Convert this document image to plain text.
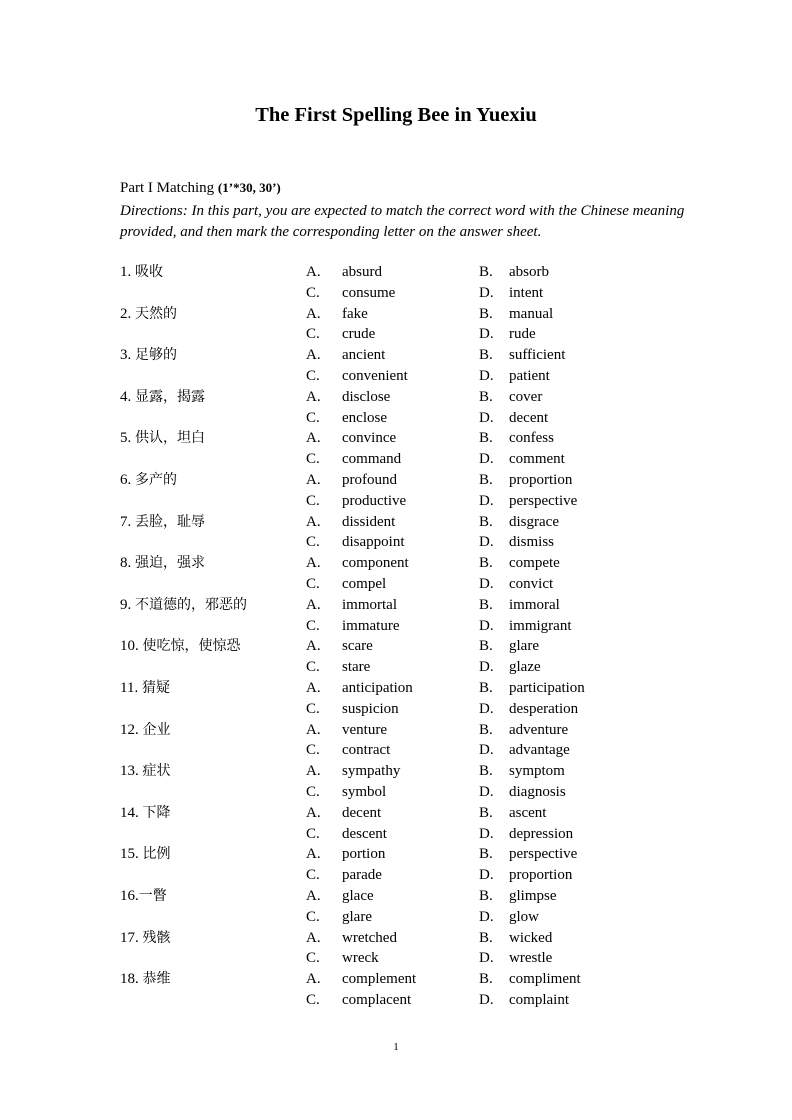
The First Spelling Bee in Yuexiu
Part I Matching (1’*30, 30’)
Directions: In this part, you are expected to match the correct word with the Chinese meaning provided, and then mark the corresponding letter on the answer sheet.
1. 吸收	A.	absurd	B.	absorb
C.	consume	D.	intent
2. 天然的	A.	fake	B.	manual
C.	crude	D.	rude
3. 足够的	A.	ancient	B.	sufficient
C.	convenient	D.	patient
4. 显露，揭露	A.	disclose	B.	cover
C.	enclose	D.	decent
5. 供认，坦白	A.	convince	B.	confess
C.	command	D.	comment
6. 多产的	A.	profound	B.	proportion
C.	productive	D.	perspective
7. 丢脸，耻辱	A.	dissident	B.	disgrace
C.	disappoint	D.	dismiss
8. 强迫，强求	A.	component	B.	compete
C.	compel	D.	convict
9. 不道德的，邪恶的	A.	immortal	B.	immoral
C.	immature	D.	immigrant
10. 使吃惊，使惊恐	A.	scare	B.	glare
C.	stare	D.	glaze
11. 猜疑	A.	anticipation	B.	participation
C.	suspicion	D.	desperation
12. 企业	A.	venture	B.	adventure
C.	contract	D.	advantage
13. 症状	A.	sympathy	B.	symptom
C.	symbol	D.	diagnosis
14. 下降	A.	decent	B.	ascent
C.	descent	D.	depression
15. 比例	A.	portion	B.	perspective
C.	parade	D.	proportion
16.一瞥	A.	glace	B.	glimpse
C.	glare	D.	glow
17. 残骸	A.	wretched	B.	wicked
C.	wreck	D.	wrestle
18. 恭维	A.	complement	B.	compliment
C.	complacent	D.	complaint
1
